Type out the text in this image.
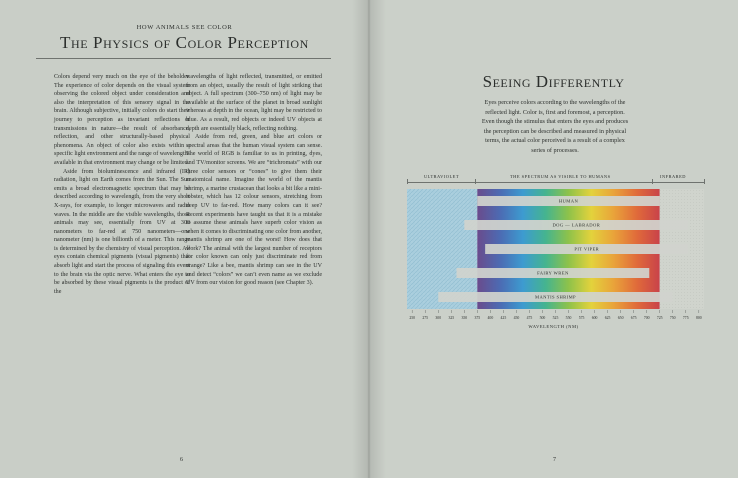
HOW ANIMALS SEE COLOR
The Physics of Color Perception

Colors depend very much on the eye of the beholder. The experience of color depends on the visual system observing the colored object under consideration and also the interpretation of this sensory signal in the brain. Although subjective, initially colors do start their journey to perception as invariant reflections or transmissions in nature—the result of absorbance, reflection, and other structurally-based physical phenomena. An object of color also exists within a specific light environment and the range of wavelengths available in that environment may change or be limited.

Aside from bioluminescence and infrared (IR) radiation, light on Earth comes from the Sun. The Sun emits a broad electromagnetic spectrum that may be described according to wavelength, from the very short X-rays, for example, to longer microwaves and radio waves. In the middle are the visible wavelengths, those animals may see, essentially from UV at 300 nanometers to far-red at 750 nanometers—one nanometer (nm) is one billionth of a meter. This range is determined by the chemistry of visual perception. All eyes contain chemical pigments (visual pigments) that absorb light and start the process of signaling this event to the brain via the optic nerve. What enters the eye to be absorbed by these visual pigments is the product of the

wavelengths of light reflected, transmitted, or emitted from an object, usually the result of light striking that object. A full spectrum (300–750 nm) of light may be available at the surface of the planet in broad sunlight whereas at depth in the ocean, light may be restricted to blue. As a result, red objects or indeed UV objects at depth are essentially black, reflecting nothing.

Aside from red, green, and blue art colors or spectral areas that the human visual system can sense. The world of RGB is familiar to us in printing, dyes, and TV/monitor screens. We are “trichromats” with our three color sensors or “cones” to give them their anatomical name. Imagine the world of the mantis shrimp, a marine crustacean that looks a bit like a mini-lobster, which has 12 colour sensors, stretching from deep UV to far-red. How many colors can it see? Recent experiments have taught us that it is a mistake to assume these animals have superb color vision as when it comes to discriminating one color from another, mantis shrimp are one of the worst! How does that work? The animal with the largest number of receptors for color known can only just discriminate red from orange? Like a bee, mantis shrimp can see in the UV and detect “colors” we can’t even name as we exclude UV from our vision for good reason (see Chapter 3).

6
Seeing Differently
Eyes perceive colors according to the wavelengths of the reflected light. Color is, first and foremost, a perception. Even though the stimulus that enters the eyes and produces the perception can be described and measured in physical terms, the actual color perceived is a result of a complex series of processes.
ULTRAVIOLET	THE SPECTRUM AS VISIBLE TO HUMANS	INFRARED
HUMAN
DOG — LABRADOR
PIT VIPER
FAIRY WREN
MANTIS SHRIMP
250 275 300 325 350 375 400 425 450 475 500 525 550 575 600 625 650 675 700 725 750 775 800
WAVELENGTH (NM)
7
